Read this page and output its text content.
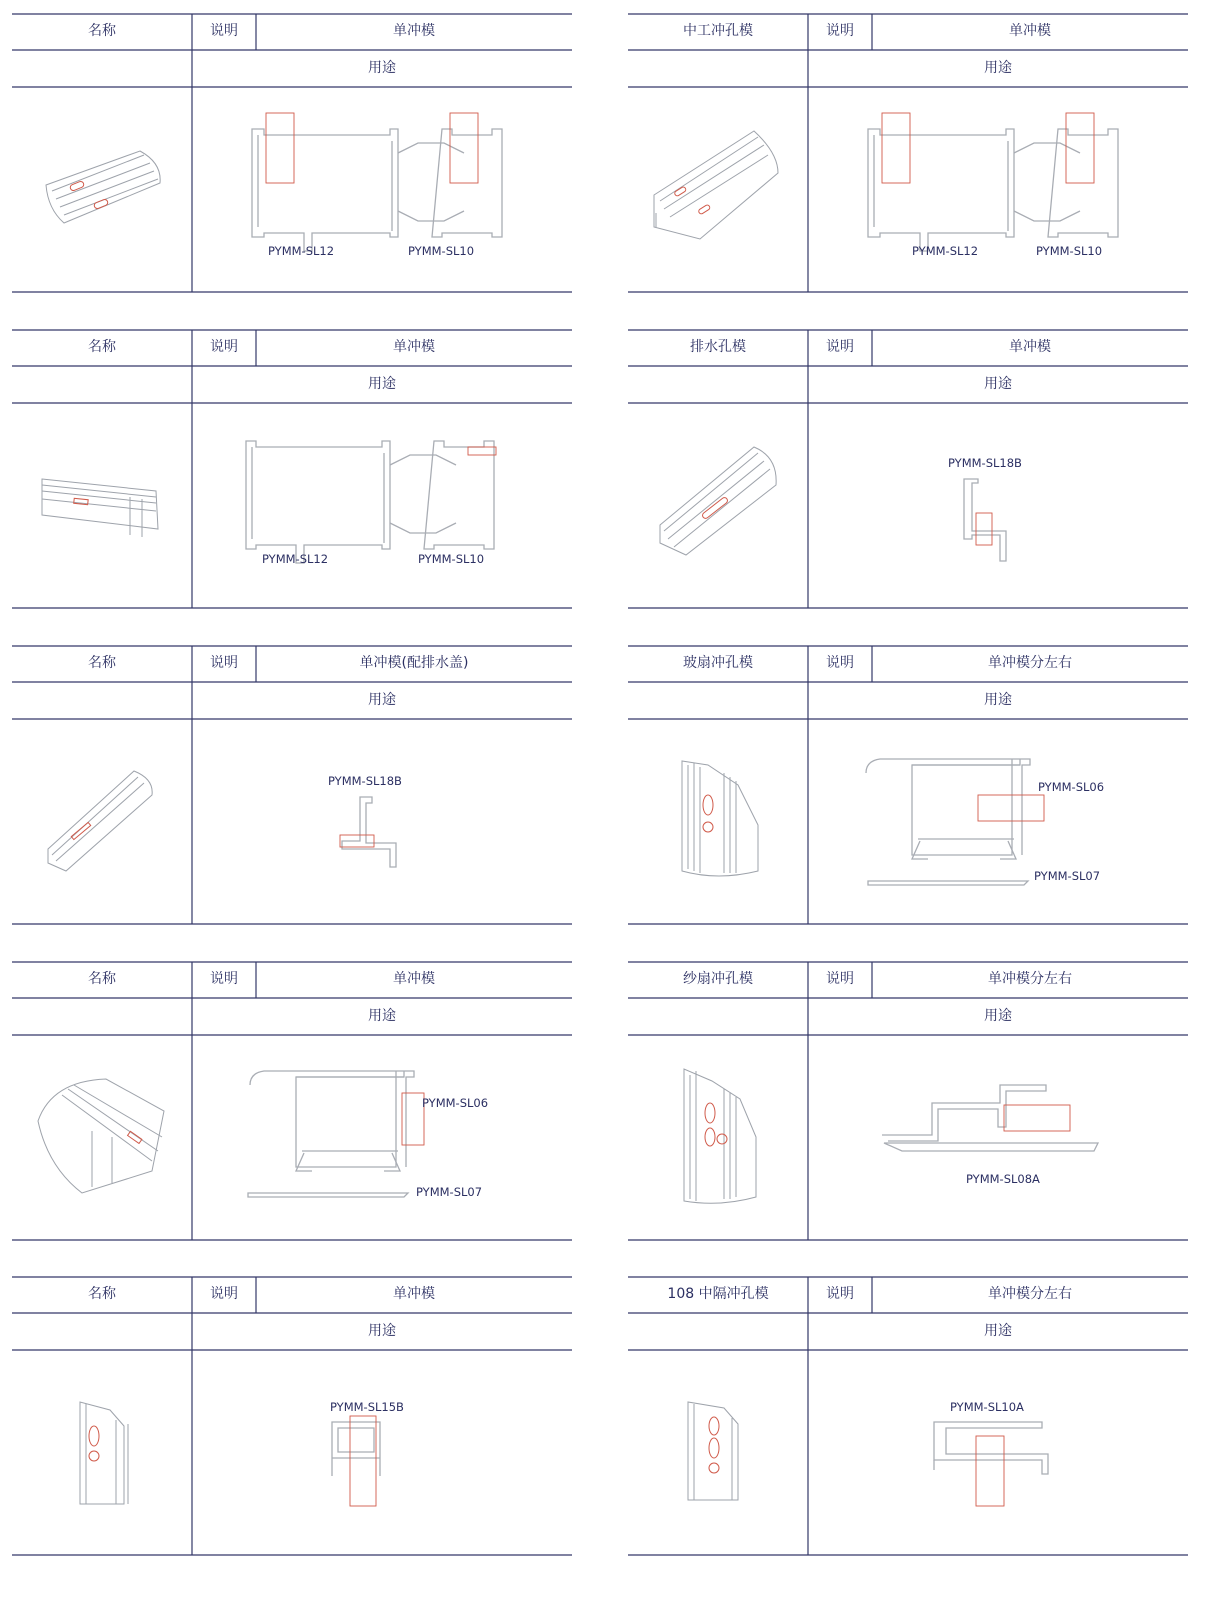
PYMM-SL12	PYMM-SL10
名称	说明	单冲模
用途
PYMM-SL12	PYMM-SL10
中工冲孔模	说明	单冲模
用途
PYMM-SL12	PYMM-SL10
名称	说明	单冲模
用途
PYMM-SL18B
排水孔模	说明	单冲模
用途
PYMM-SL18B
名称	说明	单冲模(配排水盖)
用途
PYMM-SL06
PYMM-SL07
玻扇冲孔模	说明	单冲模分左右
用途
PYMM-SL06
PYMM-SL07
名称	说明	单冲模
用途
PYMM-SL08A
纱扇冲孔模	说明	单冲模分左右
用途
PYMM-SL15B
名称	说明	单冲模
用途
PYMM-SL10A
108 中隔冲孔模	说明	单冲模分左右
用途
